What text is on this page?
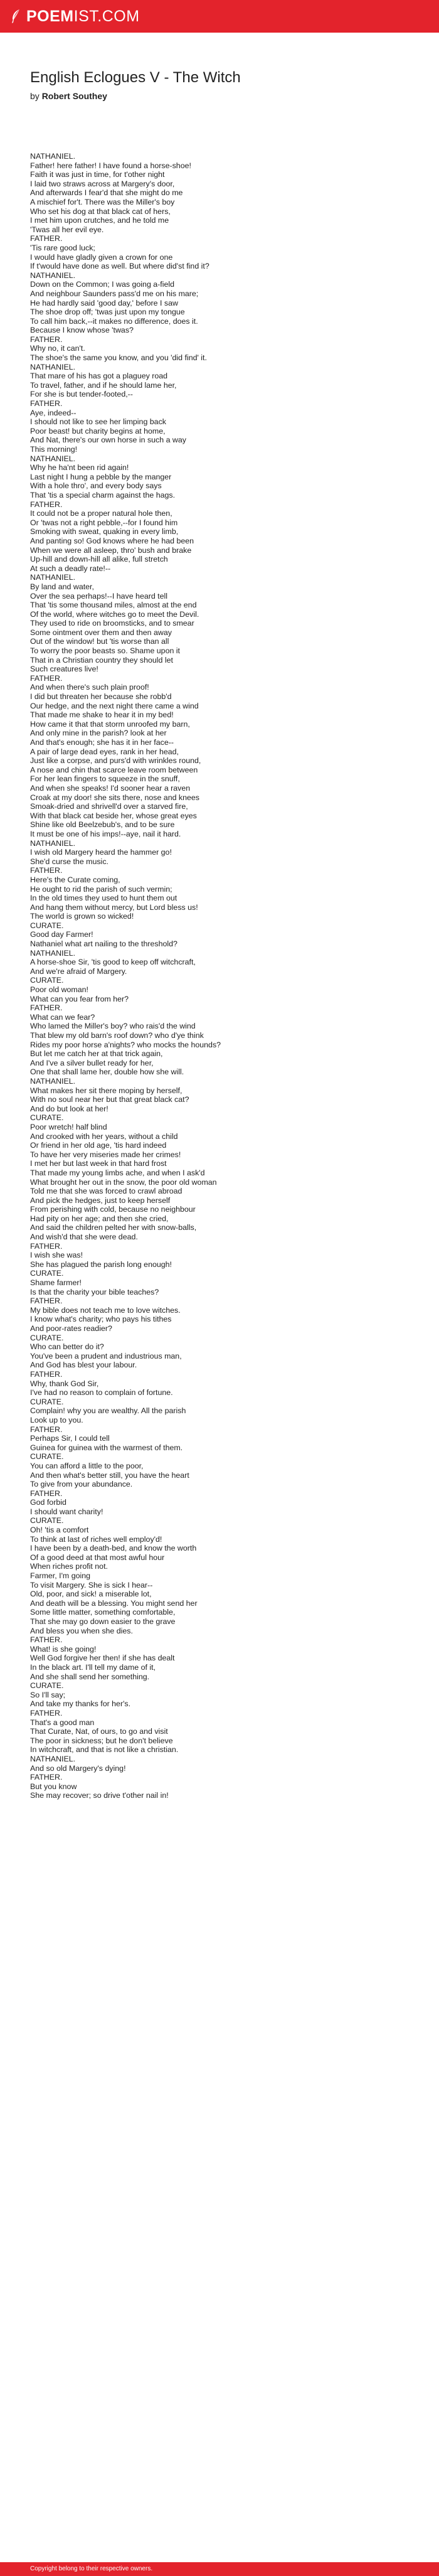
POEMIST.COM
English Eclogues V - The Witch
by Robert Southey
NATHANIEL.
Father! here father! I have found a horse-shoe!
Faith it was just in time, for t'other night
I laid two straws across at Margery's door,
And afterwards I fear'd that she might do me
A mischief for't. There was the Miller's boy
Who set his dog at that black cat of hers,
I met him upon crutches, and he told me
'Twas all her evil eye.
FATHER.
'Tis rare good luck;
I would have gladly given a crown for one
If t'would have done as well. But where did'st find it?
NATHANIEL.
Down on the Common; I was going a-field
And neighbour Saunders pass'd me on his mare;
He had hardly said 'good day,' before I saw
The shoe drop off; 'twas just upon my tongue
To call him back,--it makes no difference, does it.
Because I know whose 'twas?
FATHER.
Why no, it can't.
The shoe's the same you know, and you 'did find' it.
NATHANIEL.
That mare of his has got a plaguey road
To travel, father, and if he should lame her,
For she is but tender-footed,--
FATHER.
Aye, indeed--
I should not like to see her limping back
Poor beast! but charity begins at home,
And Nat, there's our own horse in such a way
This morning!
NATHANIEL.
Why he ha'nt been rid again!
Last night I hung a pebble by the manger
With a hole thro', and every body says
That 'tis a special charm against the hags.
FATHER.
It could not be a proper natural hole then,
Or 'twas not a right pebble,--for I found him
Smoking with sweat, quaking in every limb,
And panting so! God knows where he had been
When we were all asleep, thro' bush and brake
Up-hill and down-hill all alike, full stretch
At such a deadly rate!--
NATHANIEL.
By land and water,
Over the sea perhaps!--I have heard tell
That 'tis some thousand miles, almost at the end
Of the world, where witches go to meet the Devil.
They used to ride on broomsticks, and to smear
Some ointment over them and then away
Out of the window! but 'tis worse than all
To worry the poor beasts so. Shame upon it
That in a Christian country they should let
Such creatures live!
FATHER.
And when there's such plain proof!
I did but threaten her because she robb'd
Our hedge, and the next night there came a wind
That made me shake to hear it in my bed!
How came it that that storm unroofed my barn,
And only mine in the parish? look at her
And that's enough; she has it in her face--
A pair of large dead eyes, rank in her head,
Just like a corpse, and purs'd with wrinkles round,
A nose and chin that scarce leave room between
For her lean fingers to squeeze in the snuff,
And when she speaks! I'd sooner hear a raven
Croak at my door! she sits there, nose and knees
Smoak-dried and shrivell'd over a starved fire,
With that black cat beside her, whose great eyes
Shine like old Beelzebub's, and to be sure
It must be one of his imps!--aye, nail it hard.
NATHANIEL.
I wish old Margery heard the hammer go!
She'd curse the music.
FATHER.
Here's the Curate coming,
He ought to rid the parish of such vermin;
In the old times they used to hunt them out
And hang them without mercy, but Lord bless us!
The world is grown so wicked!
CURATE.
Good day Farmer!
Nathaniel what art nailing to the threshold?
NATHANIEL.
A horse-shoe Sir, 'tis good to keep off witchcraft,
And we're afraid of Margery.
CURATE.
Poor old woman!
What can you fear from her?
FATHER.
What can we fear?
Who lamed the Miller's boy? who rais'd the wind
That blew my old barn's roof down? who d'ye think
Rides my poor horse a'nights? who mocks the hounds?
But let me catch her at that trick again,
And I've a silver bullet ready for her,
One that shall lame her, double how she will.
NATHANIEL.
What makes her sit there moping by herself,
With no soul near her but that great black cat?
And do but look at her!
CURATE.
Poor wretch! half blind
And crooked with her years, without a child
Or friend in her old age, 'tis hard indeed
To have her very miseries made her crimes!
I met her but last week in that hard frost
That made my young limbs ache, and when I ask'd
What brought her out in the snow, the poor old woman
Told me that she was forced to crawl abroad
And pick the hedges, just to keep herself
From perishing with cold, because no neighbour
Had pity on her age; and then she cried,
And said the children pelted her with snow-balls,
And wish'd that she were dead.
FATHER.
I wish she was!
She has plagued the parish long enough!
CURATE.
Shame farmer!
Is that the charity your bible teaches?
FATHER.
My bible does not teach me to love witches.
I know what's charity; who pays his tithes
And poor-rates readier?
CURATE.
Who can better do it?
You've been a prudent and industrious man,
And God has blest your labour.
FATHER.
Why, thank God Sir,
I've had no reason to complain of fortune.
CURATE.
Complain! why you are wealthy. All the parish
Look up to you.
FATHER.
Perhaps Sir, I could tell
Guinea for guinea with the warmest of them.
CURATE.
You can afford a little to the poor,
And then what's better still, you have the heart
To give from your abundance.
FATHER.
God forbid
I should want charity!
CURATE.
Oh! 'tis a comfort
To think at last of riches well employ'd!
I have been by a death-bed, and know the worth
Of a good deed at that most awful hour
When riches profit not.
Farmer, I'm going
To visit Margery. She is sick I hear--
Old, poor, and sick! a miserable lot,
And death will be a blessing. You might send her
Some little matter, something comfortable,
That she may go down easier to the grave
And bless you when she dies.
FATHER.
What! is she going!
Well God forgive her then! if she has dealt
In the black art. I'll tell my dame of it,
And she shall send her something.
CURATE.
So I'll say;
And take my thanks for her's.
FATHER.
That's a good man
That Curate, Nat, of ours, to go and visit
The poor in sickness; but he don't believe
In witchcraft, and that is not like a christian.
NATHANIEL.
And so old Margery's dying!
FATHER.
But you know
She may recover; so drive t'other nail in!
Copyright belong to their respective owners.
